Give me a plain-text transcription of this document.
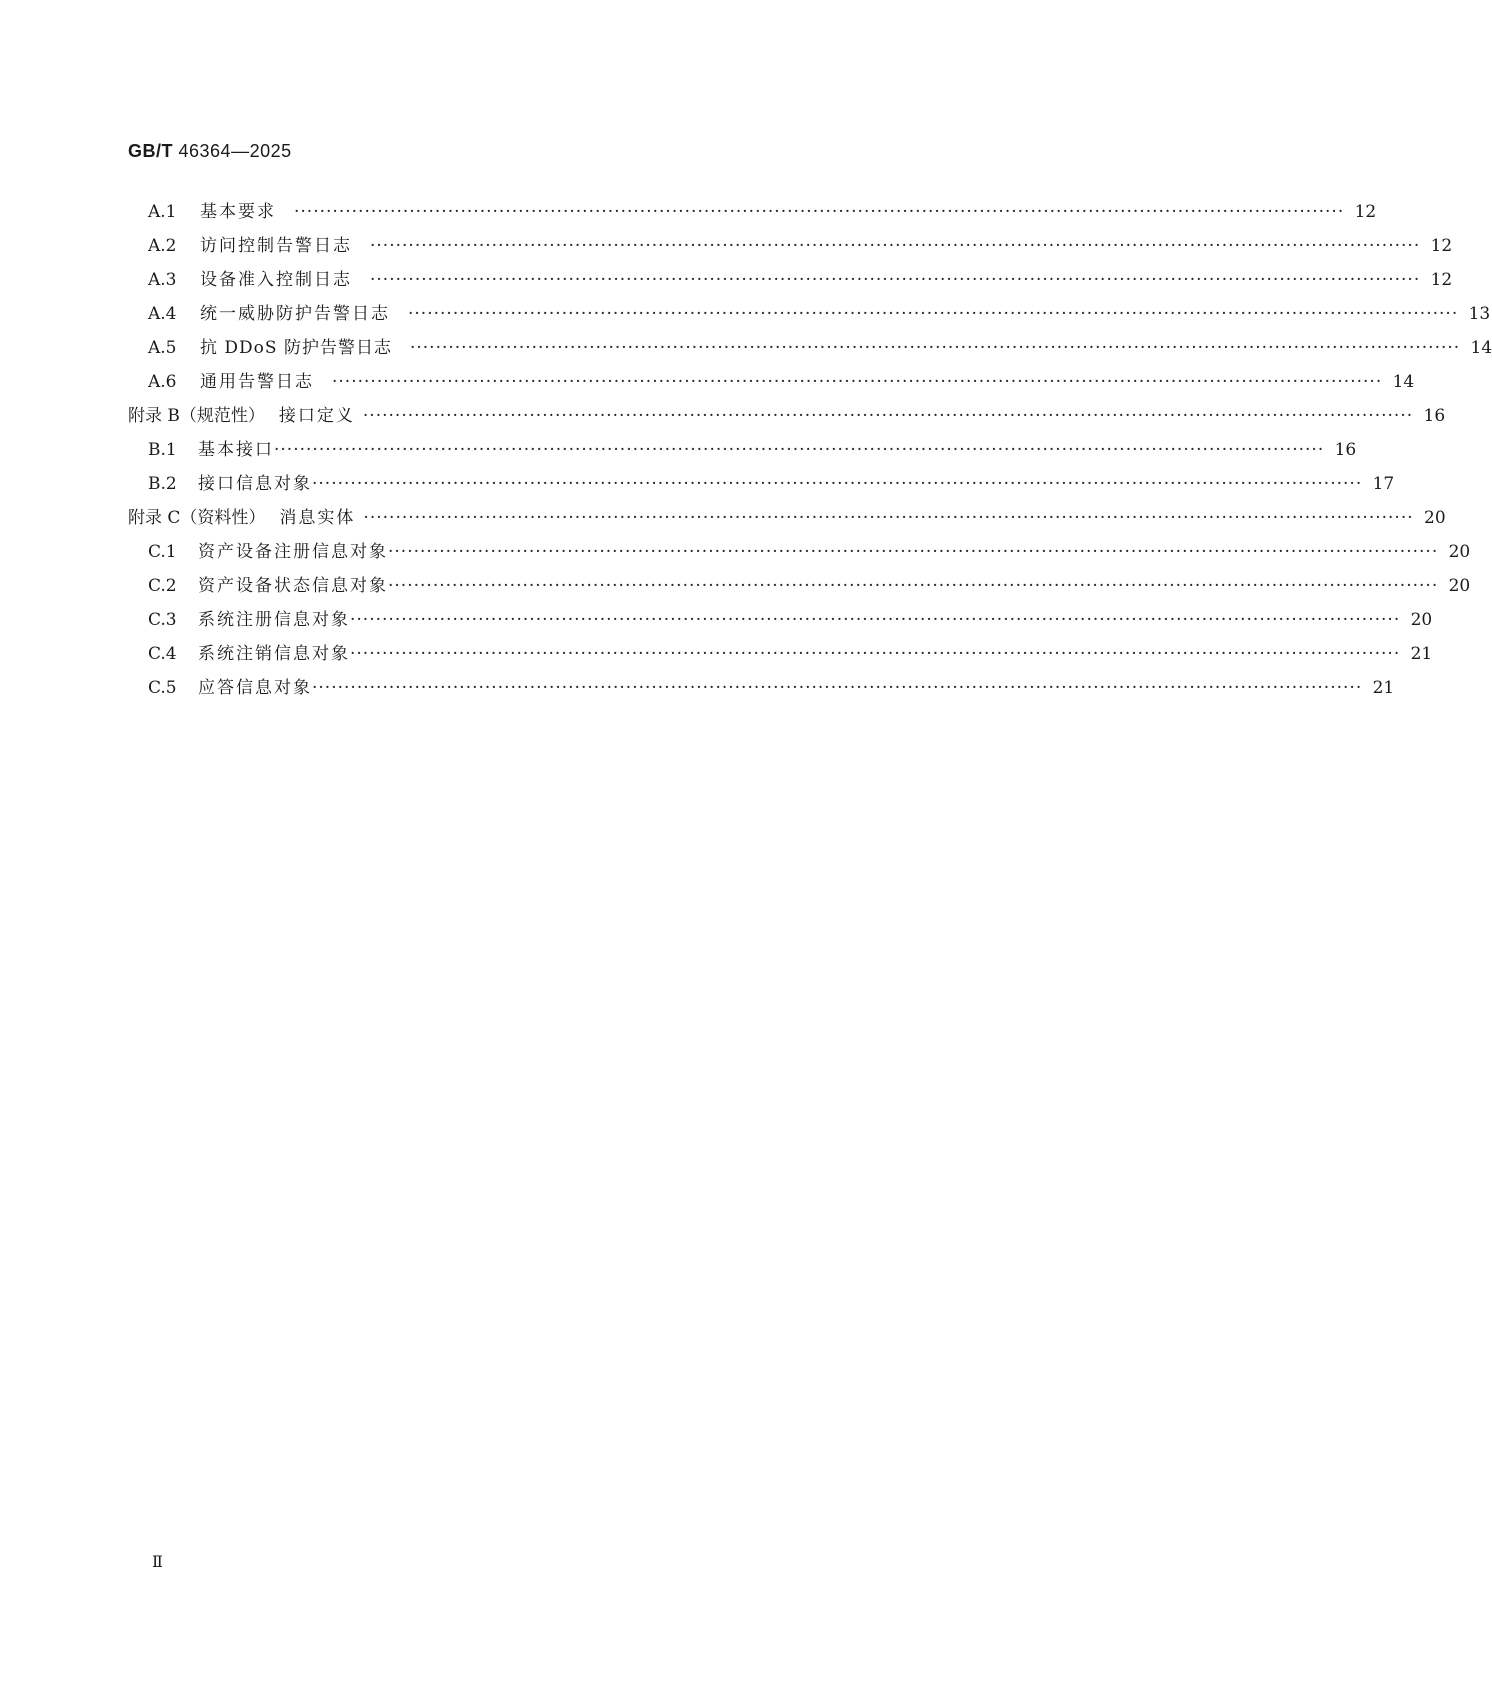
GB/T 46364—2025
A.1	基本要求 ···································································································································································· 12
A.2	访问控制告警日志 ···································································································································································· 12
A.3	设备准入控制日志 ···································································································································································· 12
A.4	统一威胁防护告警日志 ···································································································································································· 13
A.5	抗 DDoS 防护告警日志 ···································································································································································· 14
A.6	通用告警日志 ···································································································································································· 14
附录 B（规范性） 接口定义 ···································································································································································· 16
B.1	基本接口 ···································································································································································· 16
B.2	接口信息对象 ···································································································································································· 17
附录 C（资料性） 消息实体 ···································································································································································· 20
C.1	资产设备注册信息对象 ···································································································································································· 20
C.2	资产设备状态信息对象 ···································································································································································· 20
C.3	系统注册信息对象 ···································································································································································· 20
C.4	系统注销信息对象 ···································································································································································· 21
C.5	应答信息对象 ···································································································································································· 21
Ⅱ
